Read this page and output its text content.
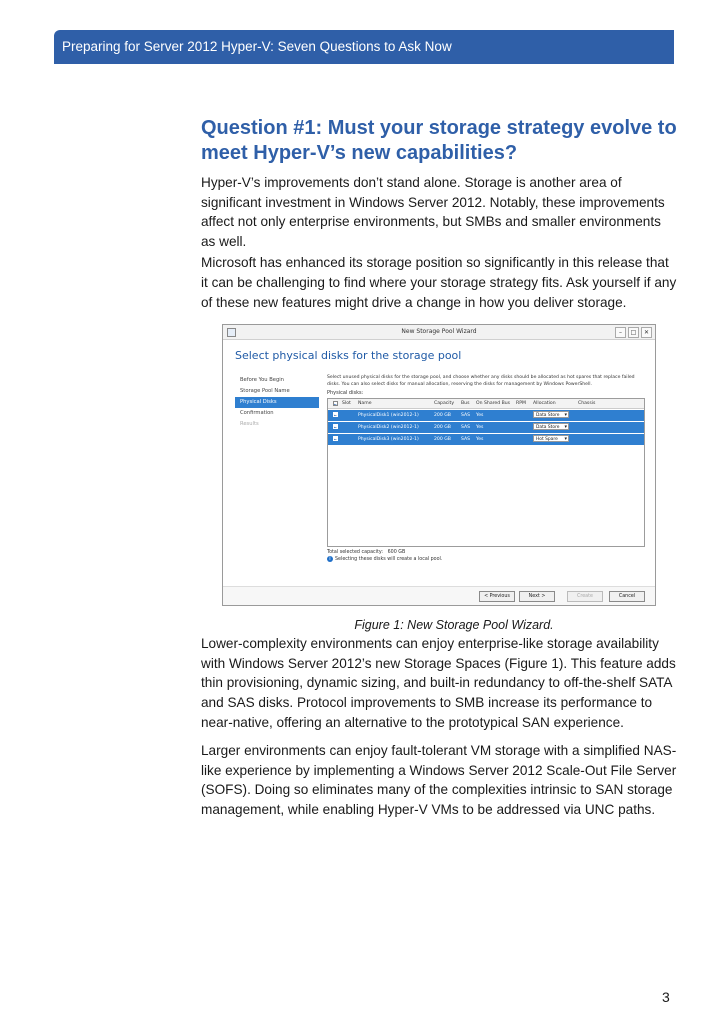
Preparing for Server 2012 Hyper-V: Seven Questions to Ask Now
Question #1: Must your storage strategy evolve to meet Hyper-V’s new capabilities?

Hyper-V’s improvements don’t stand alone. Storage is another area of significant investment in Windows Server 2012. Notably, these improvements affect not only enterprise environments, but SMBs and smaller environments as well.

Microsoft has enhanced its storage position so significantly in this release that it can be challenging to find where your storage strategy fits. Ask yourself if any of these new features might drive a change in how you deliver storage.

New Storage Pool Wizard	–	□	✕
Select physical disks for the storage pool
Before You Begin
Storage Pool Name
Physical Disks
Confirmation
Results
Select unused physical disks for the storage pool, and choose whether any disks should be allocated as hot spares that replace failed disks. You can also select disks for manual allocation, reserving the disks for management by Windows PowerShell.
Physical disks:
Slot	Name	Capacity	Bus	On Shared Bus	RPM	Allocation	Chassis
PhysicalDisk1 (win2012-1)	200 GB	SAS	Yes	Data Store ▾
PhysicalDisk2 (win2012-1)	200 GB	SAS	Yes	Data Store ▾
PhysicalDisk3 (win2012-1)	200 GB	SAS	Yes	Hot Spare ▾
Total selected capacity: 600 GB
i Selecting these disks will create a local pool.
< Previous	Next >	Create	Cancel

Figure 1: New Storage Pool Wizard.

Lower-complexity environments can enjoy enterprise-like storage availability with Windows Server 2012’s new Storage Spaces (Figure 1). This feature adds thin provisioning, dynamic sizing, and built-in redundancy to off-the-shelf SATA and SAS disks. Protocol improvements to SMB increase its performance to near-native, offering an alternative to the prototypical SAN experience.

Larger environments can enjoy fault-tolerant VM storage with a simplified NAS-like experience by implementing a Windows Server 2012 Scale-Out File Server (SOFS). Doing so eliminates many of the complexities intrinsic to SAN storage management, while enabling Hyper-V VMs to be addressed via UNC paths.

3
